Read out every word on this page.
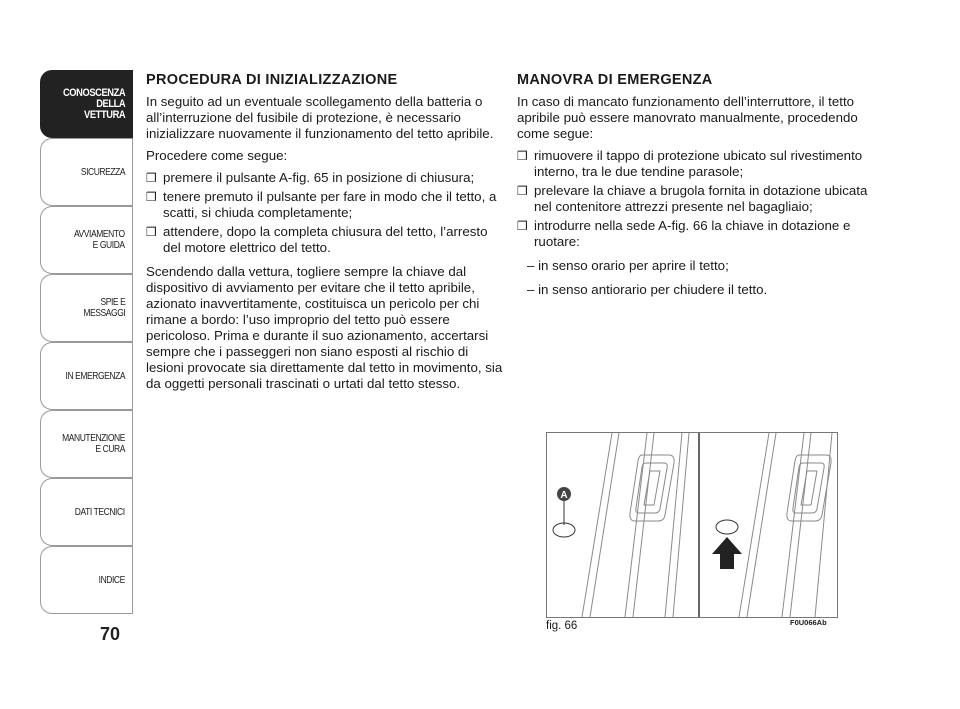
CONOSCENZA
DELLA
VETTURA
SICUREZZA
AVVIAMENTO
E GUIDA
SPIE E
MESSAGGI
IN EMERGENZA
MANUTENZIONE
E CURA
DATI TECNICI
INDICE
70
PROCEDURA DI INIZIALIZZAZIONE

In seguito ad un eventuale scollegamento della batteria o all’interruzione del fusibile di protezione, è necessario inizializzare nuovamente il funzionamento del tetto apribile.

Procedere come segue:

❒ premere il pulsante A-fig. 65 in posizione di chiusura;
❒ tenere premuto il pulsante per fare in modo che il tetto, a scatti, si chiuda completamente;
❒ attendere, dopo la completa chiusura del tetto, l’arresto del motore elettrico del tetto.

Scendendo dalla vettura, togliere sempre la chiave dal dispositivo di avviamento per evitare che il tetto apribile, azionato inavvertitamente, costituisca un pericolo per chi rimane a bordo: l’uso improprio del tetto può essere pericoloso. Prima e durante il suo azionamento, accertarsi sempre che i passeggeri non siano esposti al rischio di lesioni provocate sia direttamente dal tetto in movimento, sia da oggetti personali trascinati o urtati dal tetto stesso.

MANOVRA DI EMERGENZA

In caso di mancato funzionamento dell’interruttore, il tetto apribile può essere manovrato manualmente, procedendo come segue:

❒ rimuovere il tappo di protezione ubicato sul rivestimento interno, tra le due tendine parasole;
❒ prelevare la chiave a brugola fornita in dotazione ubicata nel contenitore attrezzi presente nel bagagliaio;
❒ introdurre nella sede A-fig. 66 la chiave in dotazione e ruotare:
– in senso orario per aprire il tetto;
– in senso antiorario per chiudere il tetto.
A
fig. 66	F0U066Ab
